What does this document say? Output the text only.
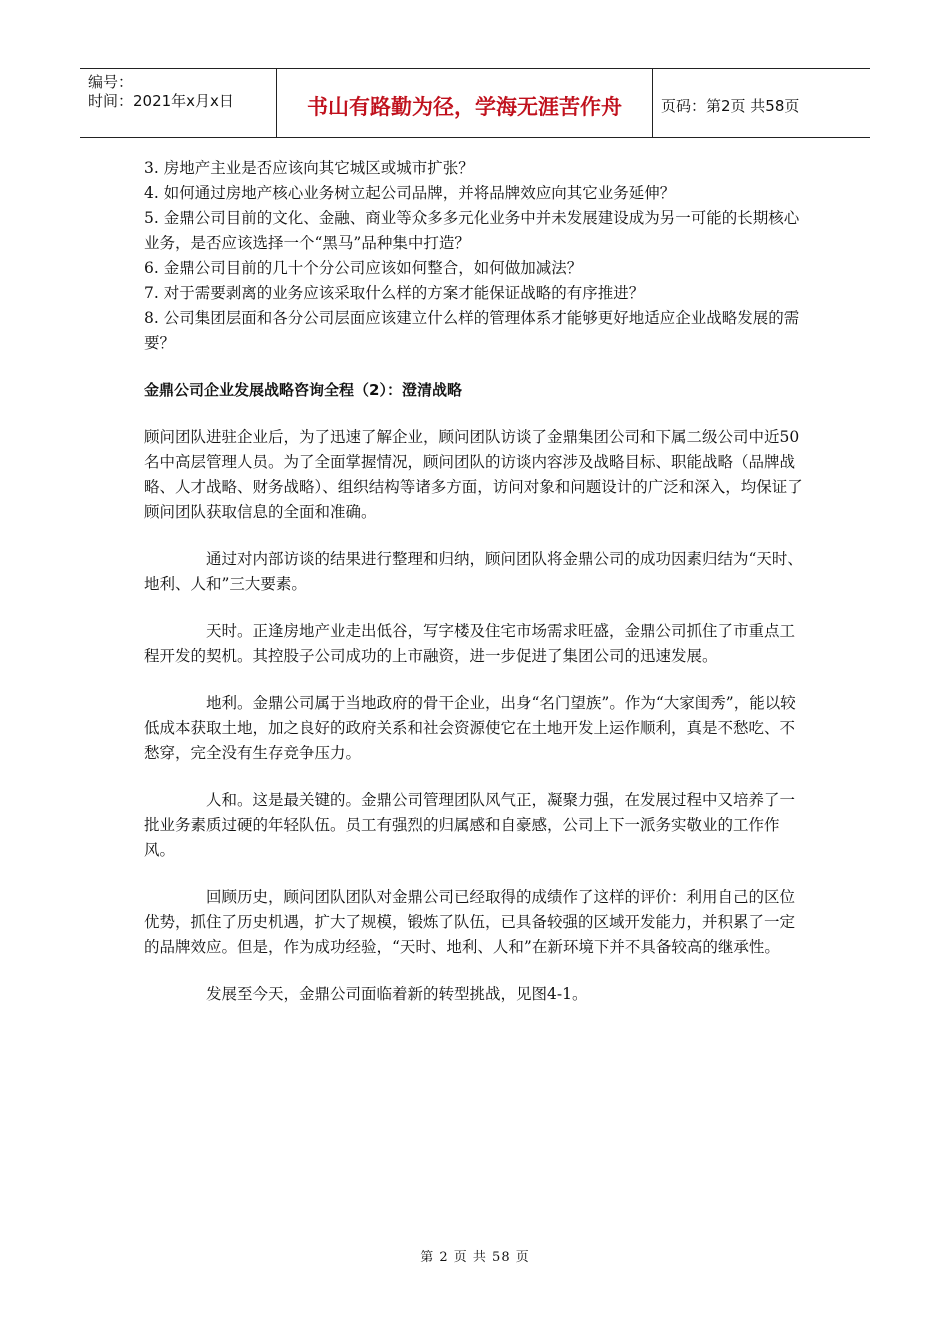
编号：
时间：2021年x月x日	书山有路勤为径，学海无涯苦作舟	页码：第2页 共58页

3. 房地产主业是否应该向其它城区或城市扩张？

4. 如何通过房地产核心业务树立起公司品牌，并将品牌效应向其它业务延伸？

5. 金鼎公司目前的文化、金融、商业等众多多元化业务中并未发展建设成为另一可能的长期核心业务，是否应该选择一个“黑马”品种集中打造？

6. 金鼎公司目前的几十个分公司应该如何整合，如何做加减法？

7. 对于需要剥离的业务应该采取什么样的方案才能保证战略的有序推进？

8. 公司集团层面和各分公司层面应该建立什么样的管理体系才能够更好地适应企业战略发展的需要？

金鼎公司企业发展战略咨询全程（2）：澄清战略

顾问团队进驻企业后，为了迅速了解企业，顾问团队访谈了金鼎集团公司和下属二级公司中近50名中高层管理人员。为了全面掌握情况，顾问团队的访谈内容涉及战略目标、职能战略（品牌战略、人才战略、财务战略）、组织结构等诸多方面，访问对象和问题设计的广泛和深入，均保证了顾问团队获取信息的全面和准确。

通过对内部访谈的结果进行整理和归纳，顾问团队将金鼎公司的成功因素归结为“天时、地利、人和”三大要素。

天时。正逢房地产业走出低谷，写字楼及住宅市场需求旺盛，金鼎公司抓住了市重点工程开发的契机。其控股子公司成功的上市融资，进一步促进了集团公司的迅速发展。

地利。金鼎公司属于当地政府的骨干企业，出身“名门望族”。作为“大家闺秀”，能以较低成本获取土地，加之良好的政府关系和社会资源使它在土地开发上运作顺利，真是不愁吃、不愁穿，完全没有生存竞争压力。

人和。这是最关键的。金鼎公司管理团队风气正，凝聚力强，在发展过程中又培养了一批业务素质过硬的年轻队伍。员工有强烈的归属感和自豪感，公司上下一派务实敬业的工作作风。

回顾历史，顾问团队团队对金鼎公司已经取得的成绩作了这样的评价：利用自己的区位优势，抓住了历史机遇，扩大了规模，锻炼了队伍，已具备较强的区域开发能力，并积累了一定的品牌效应。但是，作为成功经验，“天时、地利、人和”在新环境下并不具备较高的继承性。

发展至今天，金鼎公司面临着新的转型挑战，见图4-1。

第 2 页 共 58 页
